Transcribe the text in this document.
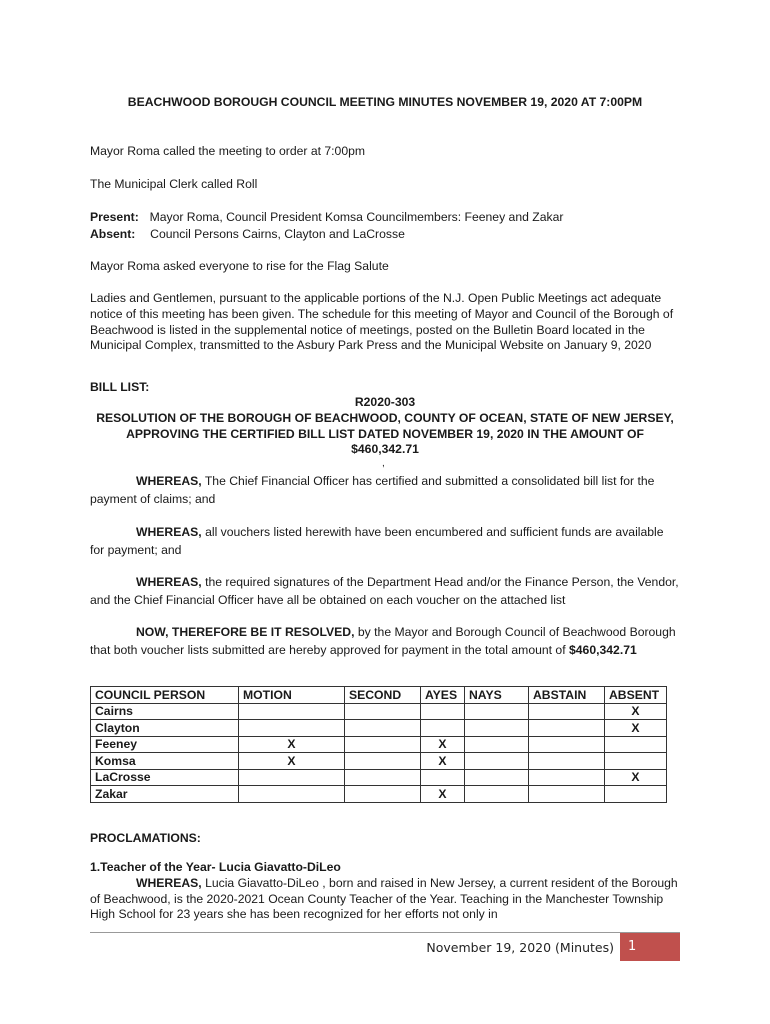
BEACHWOOD BOROUGH COUNCIL MEETING MINUTES NOVEMBER 19, 2020 AT 7:00PM
Mayor Roma called the meeting to order at 7:00pm
The Municipal Clerk called Roll
Present: Mayor Roma, Council President Komsa Councilmembers: Feeney and Zakar
Absent: Council Persons Cairns, Clayton and LaCrosse
Mayor Roma asked everyone to rise for the Flag Salute
Ladies and Gentlemen, pursuant to the applicable portions of the N.J. Open Public Meetings act adequate notice of this meeting has been given. The schedule for this meeting of Mayor and Council of the Borough of Beachwood is listed in the supplemental notice of meetings, posted on the Bulletin Board located in the Municipal Complex, transmitted to the Asbury Park Press and the Municipal Website on January 9, 2020
BILL LIST:
R2020-303
RESOLUTION OF THE BOROUGH OF BEACHWOOD, COUNTY OF OCEAN, STATE OF NEW JERSEY, APPROVING THE CERTIFIED BILL LIST DATED NOVEMBER 19, 2020 IN THE AMOUNT OF $460,342.71
,
WHEREAS, The Chief Financial Officer has certified and submitted a consolidated bill list for the payment of claims; and
WHEREAS, all vouchers listed herewith have been encumbered and sufficient funds are available for payment; and
WHEREAS, the required signatures of the Department Head and/or the Finance Person, the Vendor, and the Chief Financial Officer have all be obtained on each voucher on the attached list
NOW, THEREFORE BE IT RESOLVED, by the Mayor and Borough Council of Beachwood Borough that both voucher lists submitted are hereby approved for payment in the total amount of $460,342.71
COUNCIL PERSON	MOTION	SECOND	AYES	NAYS	ABSTAIN	ABSENT
Cairns						X
Clayton						X
Feeney	X		X			
Komsa	X		X			
LaCrosse						X
Zakar			X			
PROCLAMATIONS:
1.Teacher of the Year- Lucia Giavatto-DiLeo
WHEREAS, Lucia Giavatto-DiLeo , born and raised in New Jersey, a current resident of the Borough of Beachwood, is the 2020-2021 Ocean County Teacher of the Year. Teaching in the Manchester Township High School for 23 years she has been recognized for her efforts not only in
November 19, 2020 (Minutes) 1
